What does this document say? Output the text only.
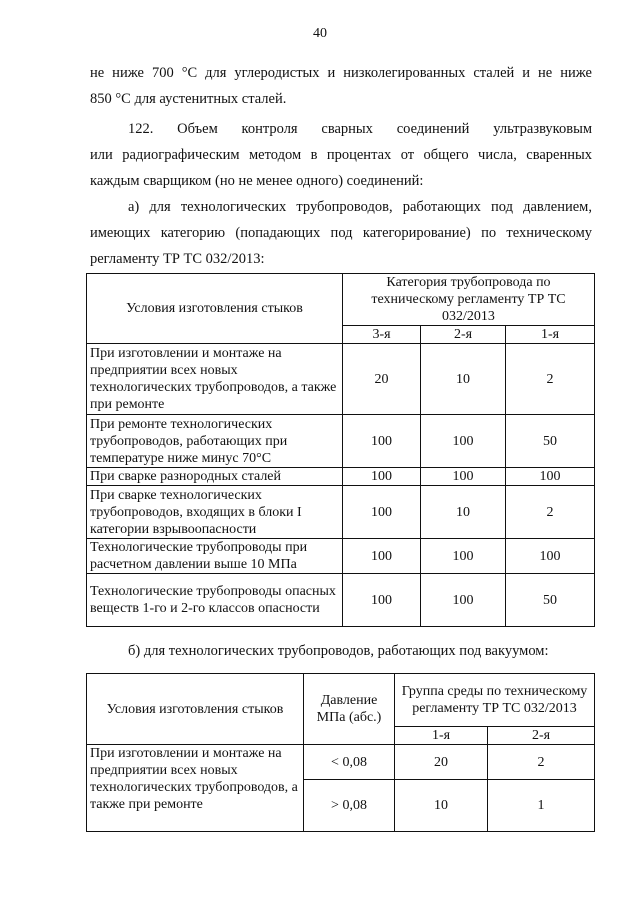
40
не ниже 700 °С для углеродистых и низколегированных сталей и не ниже
850 °С для аустенитных сталей.
122. Объем контроля сварных соединений ультразвуковым
или радиографическим методом в процентах от общего числа, сваренных
каждым сварщиком (но не менее одного) соединений:
а) для технологических трубопроводов, работающих под давлением,
имеющих категорию (попадающих под категорирование) по техническому
регламенту ТР ТС 032/2013:
Условия изготовления стыков	Категория трубопровода по техническому регламенту ТР ТС 032/2013		
	3-я	2-я	1-я
При изготовлении и монтаже на предприятии всех новых технологических трубопроводов, а также при ремонте	20	10	2
При ремонте технологических трубопроводов, работающих при температуре ниже минус 70°С	100	100	50
При сварке разнородных сталей	100	100	100
При сварке технологических трубопроводов, входящих в блоки I категории взрывоопасности	100	10	2
Технологические трубопроводы при расчетном давлении выше 10 МПа	100	100	100
Технологические трубопроводы опасных веществ 1-го и 2-го классов опасности	100	100	50
б) для технологических трубопроводов, работающих под вакуумом:
Условия изготовления стыков	Давление МПа (абс.)	Группа среды по техническому регламенту ТР ТС 032/2013	
		1-я	2-я
При изготовлении и монтаже на предприятии всех новых технологических трубопроводов, а также при ремонте	< 0,08	20	2
	> 0,08	10	1
